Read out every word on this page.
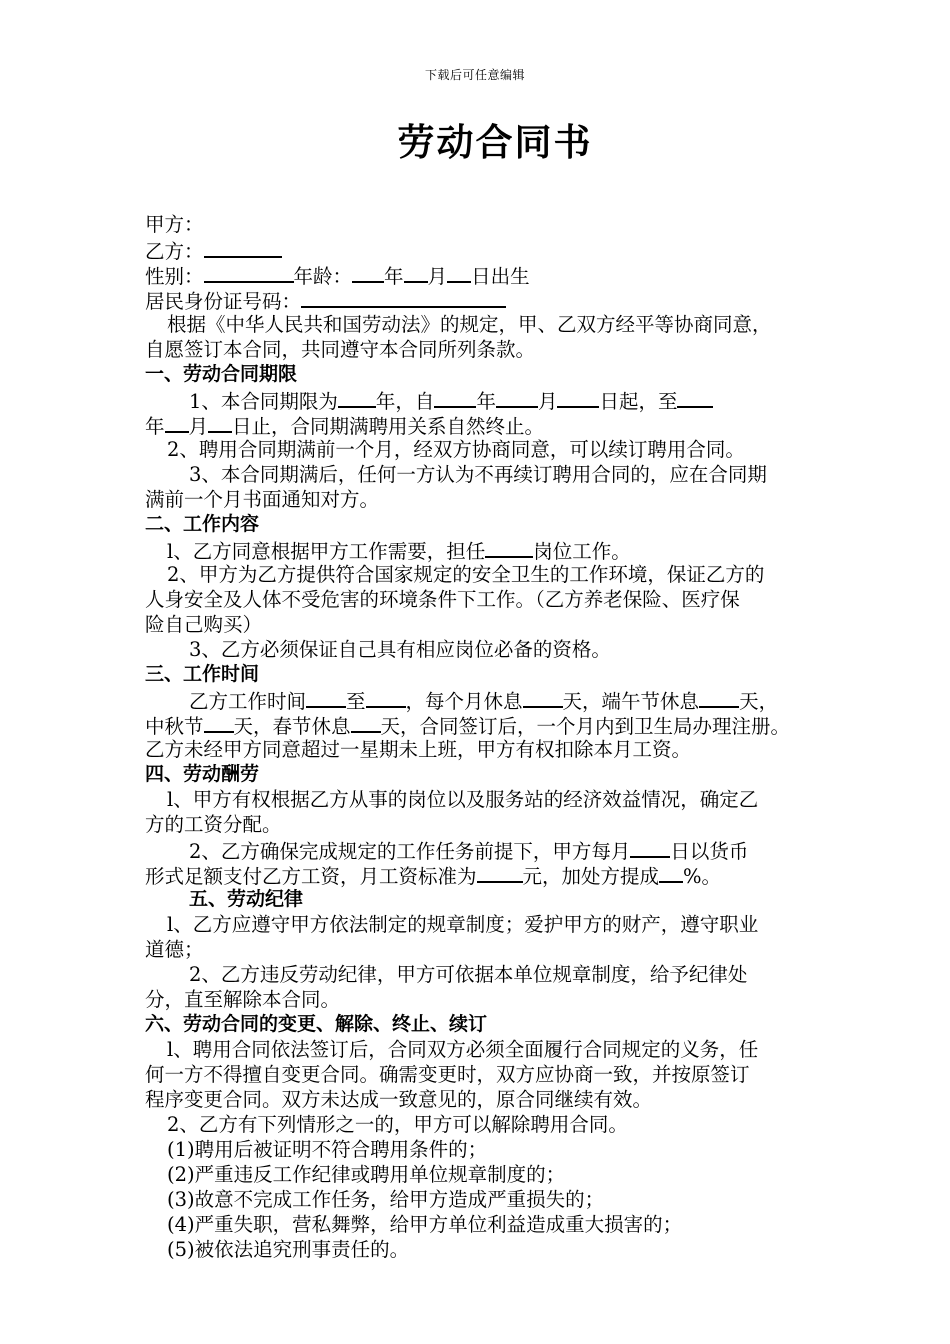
下载后可任意编辑
劳动合同书
甲方：
乙方：
性别：	年龄： 年 月 日出生
居民身份证号码：
根据《中华人民共和国劳动法》的规定，甲、乙双方经平等协商同意，
自愿签订本合同，共同遵守本合同所列条款。
一、劳动合同期限
1、本合同期限为 年，自 年 月 日起，至
年 月 日止，合同期满聘用关系自然终止。
2、聘用合同期满前一个月，经双方协商同意，可以续订聘用合同。
3、本合同期满后，任何一方认为不再续订聘用合同的，应在合同期
满前一个月书面通知对方。
二、工作内容
l、乙方同意根据甲方工作需要，担任 岗位工作。
2、甲方为乙方提供符合国家规定的安全卫生的工作环境，保证乙方的
人身安全及人体不受危害的环境条件下工作。（乙方养老保险、医疗保
险自己购买）
3、乙方必须保证自己具有相应岗位必备的资格。
三、工作时间
乙方工作时间 至 ，每个月休息 天，端午节休息 天，
中秋节 天，春节休息 天，合同签订后，一个月内到卫生局办理注册。
乙方未经甲方同意超过一星期未上班，甲方有权扣除本月工资。
四、劳动酬劳
l、甲方有权根据乙方从事的岗位以及服务站的经济效益情况，确定乙
方的工资分配。
2、乙方确保完成规定的工作任务前提下，甲方每月 日以货币
形式足额支付乙方工资，月工资标准为 元，加处方提成 %。
五、劳动纪律
l、乙方应遵守甲方依法制定的规章制度；爱护甲方的财产，遵守职业
道德；
2、乙方违反劳动纪律，甲方可依据本单位规章制度，给予纪律处
分，直至解除本合同。
六、劳动合同的变更、解除、终止、续订
l、聘用合同依法签订后，合同双方必须全面履行合同规定的义务，任
何一方不得擅自变更合同。确需变更时，双方应协商一致，并按原签订
程序变更合同。双方未达成一致意见的，原合同继续有效。
2、乙方有下列情形之一的，甲方可以解除聘用合同。
(1)聘用后被证明不符合聘用条件的；
(2)严重违反工作纪律或聘用单位规章制度的；
(3)故意不完成工作任务，给甲方造成严重损失的；
(4)严重失职，营私舞弊，给甲方单位利益造成重大损害的；
(5)被依法追究刑事责任的。
